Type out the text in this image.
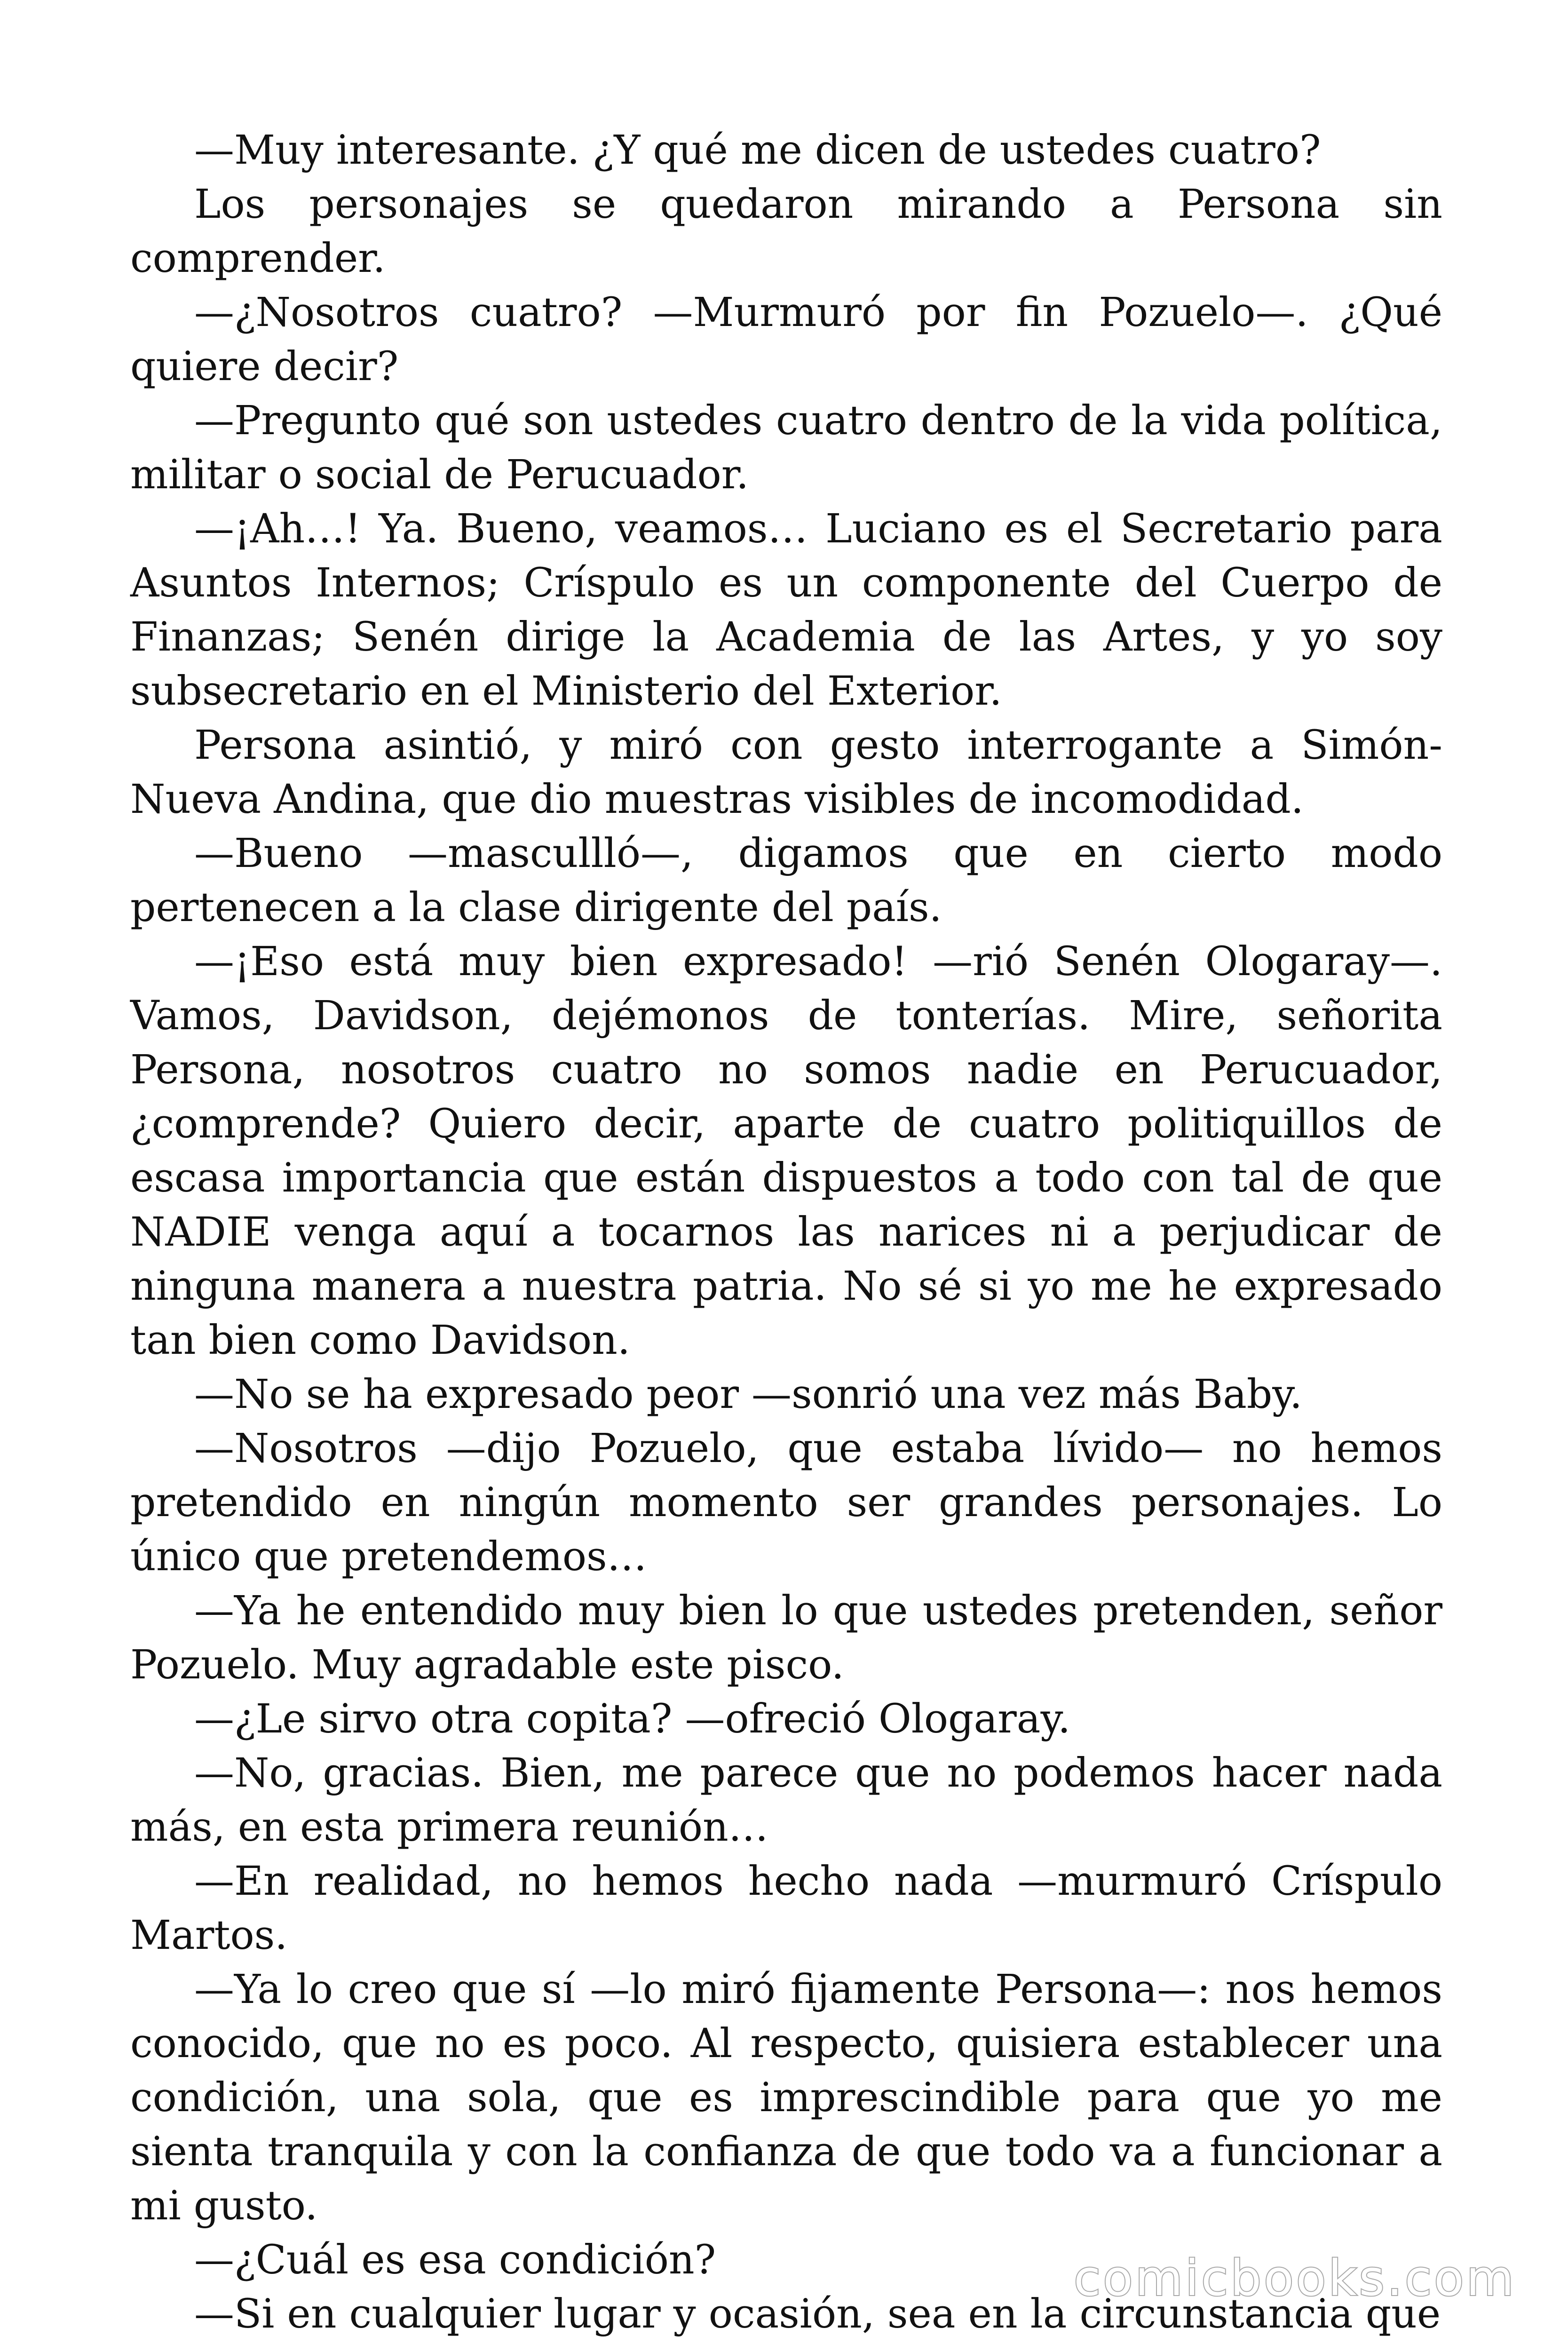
—Muy interesante. ¿Y qué me dicen de ustedes cuatro?

Los personajes se quedaron mirando a Persona sin comprender.

—¿Nosotros cuatro? —Murmuró por fin Pozuelo—. ¿Qué quiere decir?

—Pregunto qué son ustedes cuatro dentro de la vida política, militar o social de Perucuador.

—¡Ah…! Ya. Bueno, veamos… Luciano es el Secretario para Asuntos Internos; Críspulo es un componente del Cuerpo de Finanzas; Senén dirige la Academia de las Artes, y yo soy subsecretario en el Ministerio del Exterior.

Persona asintió, y miró con gesto interrogante a Simón-Nueva Andina, que dio muestras visibles de incomodidad.

—Bueno —mascullló—, digamos que en cierto modo pertenecen a la clase dirigente del país.

—¡Eso está muy bien expresado! —rió Senén Ologaray—. Vamos, Davidson, dejémonos de tonterías. Mire, señorita Persona, nosotros cuatro no somos nadie en Perucuador, ¿comprende? Quiero decir, aparte de cuatro politiquillos de escasa importancia que están dispuestos a todo con tal de que NADIE venga aquí a tocarnos las narices ni a perjudicar de ninguna manera a nuestra patria. No sé si yo me he expresado tan bien como Davidson.

—No se ha expresado peor —sonrió una vez más Baby.

—Nosotros —dijo Pozuelo, que estaba lívido— no hemos pretendido en ningún momento ser grandes personajes. Lo único que pretendemos…

—Ya he entendido muy bien lo que ustedes pretenden, señor Pozuelo. Muy agradable este pisco.

—¿Le sirvo otra copita? —ofreció Ologaray.

—No, gracias. Bien, me parece que no podemos hacer nada más, en esta primera reunión…

—En realidad, no hemos hecho nada —murmuró Críspulo Martos.

—Ya lo creo que sí —lo miró fijamente Persona—: nos hemos conocido, que no es poco. Al respecto, quisiera establecer una condición, una sola, que es imprescindible para que yo me sienta tranquila y con la confianza de que todo va a funcionar a mi gusto.

—¿Cuál es esa condición?

—Si en cualquier lugar y ocasión, sea en la circunstancia que

comicbooks.com
